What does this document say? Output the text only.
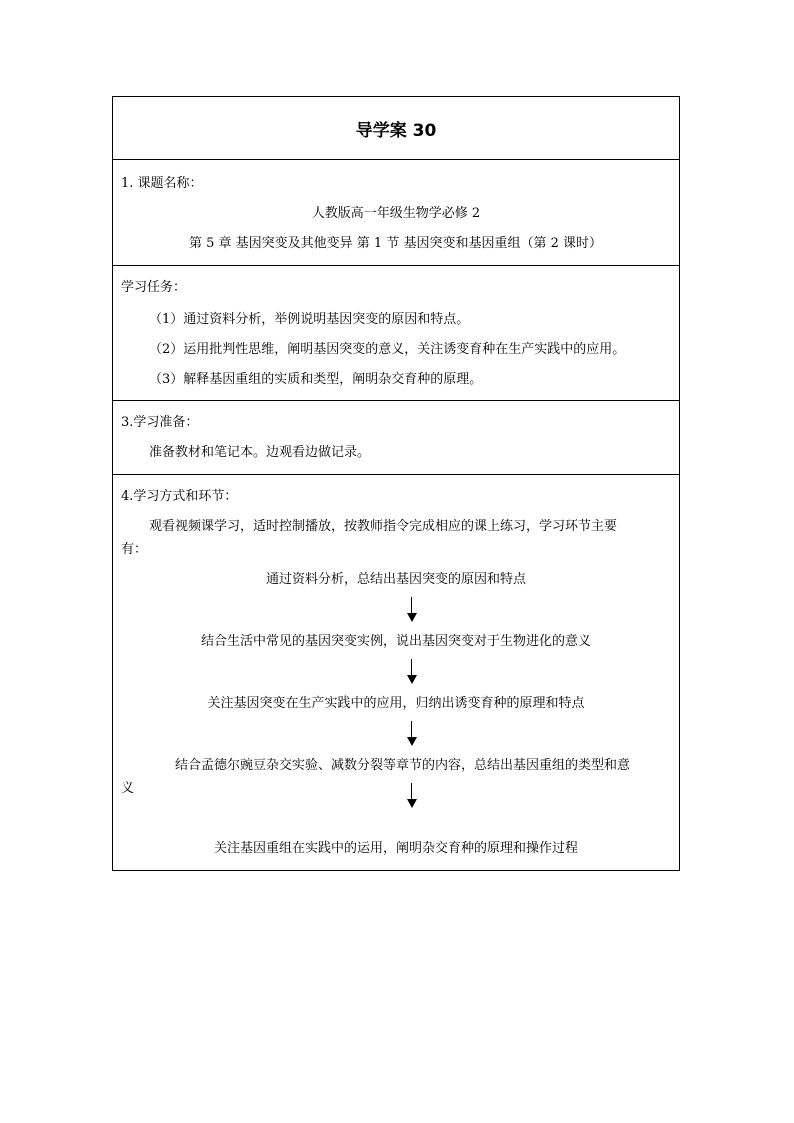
导学案 30
1. 课题名称：
人教版高一年级生物学必修 2
第 5 章 基因突变及其他变异 第 1 节 基因突变和基因重组（第 2 课时）
学习任务：
（1）通过资料分析，举例说明基因突变的原因和特点。
（2）运用批判性思维，阐明基因突变的意义，关注诱变育种在生产实践中的应用。
（3）解释基因重组的实质和类型，阐明杂交育种的原理。
3.学习准备：
准备教材和笔记本。边观看边做记录。
4.学习方式和环节：
观看视频课学习，适时控制播放，按教师指令完成相应的课上练习，学习环节主要
有：
通过资料分析，总结出基因突变的原因和特点
结合生活中常见的基因突变实例，说出基因突变对于生物进化的意义
关注基因突变在生产实践中的应用，归纳出诱变育种的原理和特点
结合孟德尔豌豆杂交实验、减数分裂等章节的内容，总结出基因重组的类型和意
义
关注基因重组在实践中的运用，阐明杂交育种的原理和操作过程
